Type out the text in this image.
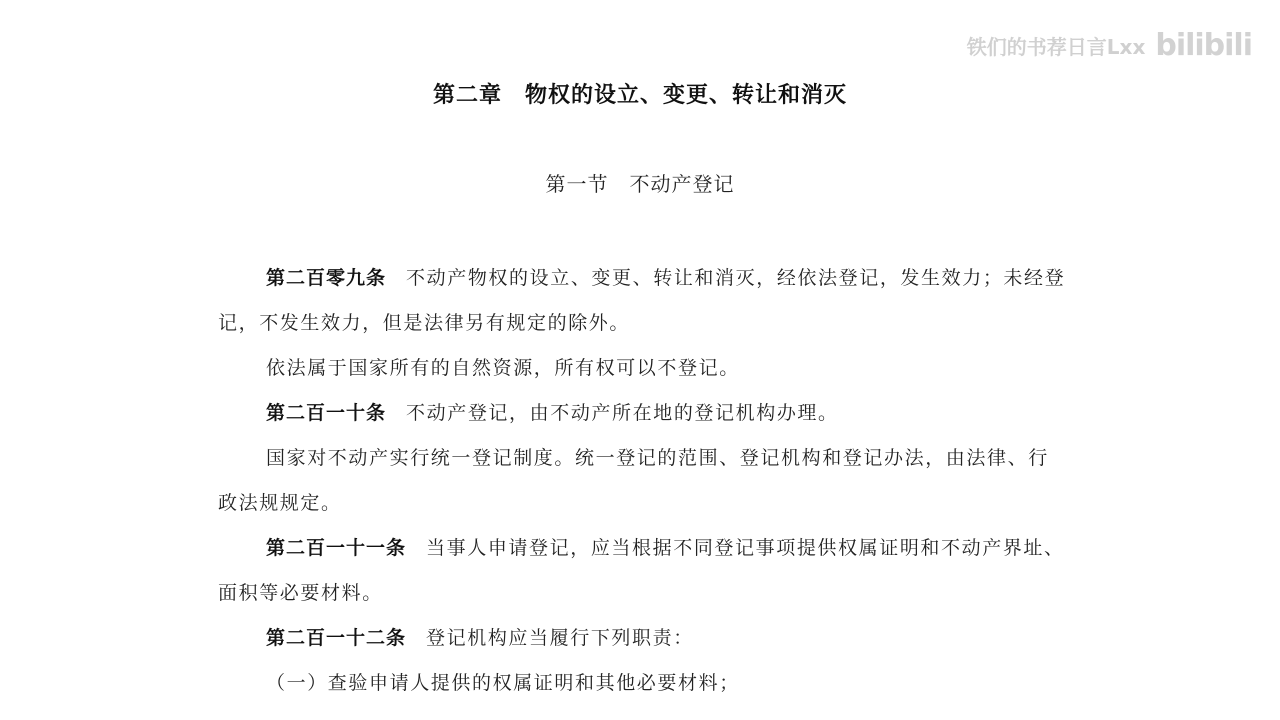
铁们的书荐日言Lxx bilibili
第二章　物权的设立、变更、转让和消灭
第一节　不动产登记

第二百零九条 不动产物权的设立、变更、转让和消灭，经依法登记，发生效力；未经登记，不发生效力，但是法律另有规定的除外。

依法属于国家所有的自然资源，所有权可以不登记。

第二百一十条 不动产登记，由不动产所在地的登记机构办理。

国家对不动产实行统一登记制度。统一登记的范围、登记机构和登记办法，由法律、行政法规规定。

第二百一十一条 当事人申请登记，应当根据不同登记事项提供权属证明和不动产界址、面积等必要材料。

第二百一十二条 登记机构应当履行下列职责：

（一）查验申请人提供的权属证明和其他必要材料；
